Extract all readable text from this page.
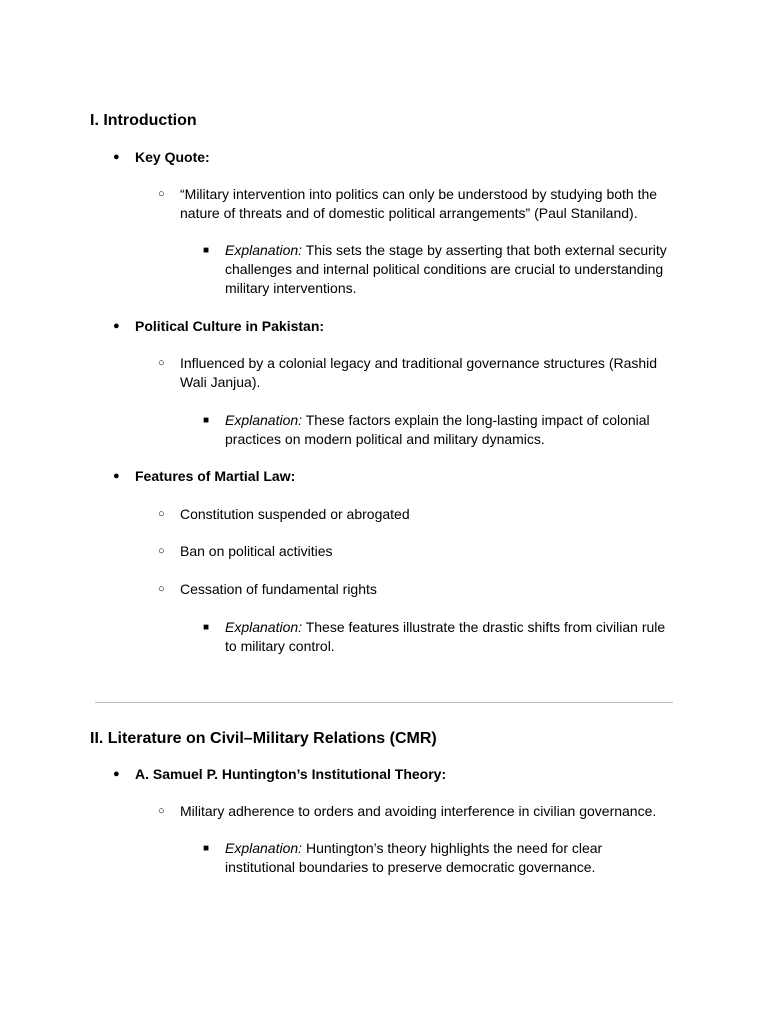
I. Introduction
● Key Quote:
○ “Military intervention into politics can only be understood by studying both the nature of threats and of domestic political arrangements” (Paul Staniland).
■ Explanation: This sets the stage by asserting that both external security challenges and internal political conditions are crucial to understanding military interventions.
● Political Culture in Pakistan:
○ Influenced by a colonial legacy and traditional governance structures (Rashid Wali Janjua).
■ Explanation: These factors explain the long-lasting impact of colonial practices on modern political and military dynamics.
● Features of Martial Law:
○ Constitution suspended or abrogated
○ Ban on political activities
○ Cessation of fundamental rights
■ Explanation: These features illustrate the drastic shifts from civilian rule to military control.
II. Literature on Civil–Military Relations (CMR)
● A. Samuel P. Huntington’s Institutional Theory:
○ Military adherence to orders and avoiding interference in civilian governance.
■ Explanation: Huntington’s theory highlights the need for clear institutional boundaries to preserve democratic governance.
